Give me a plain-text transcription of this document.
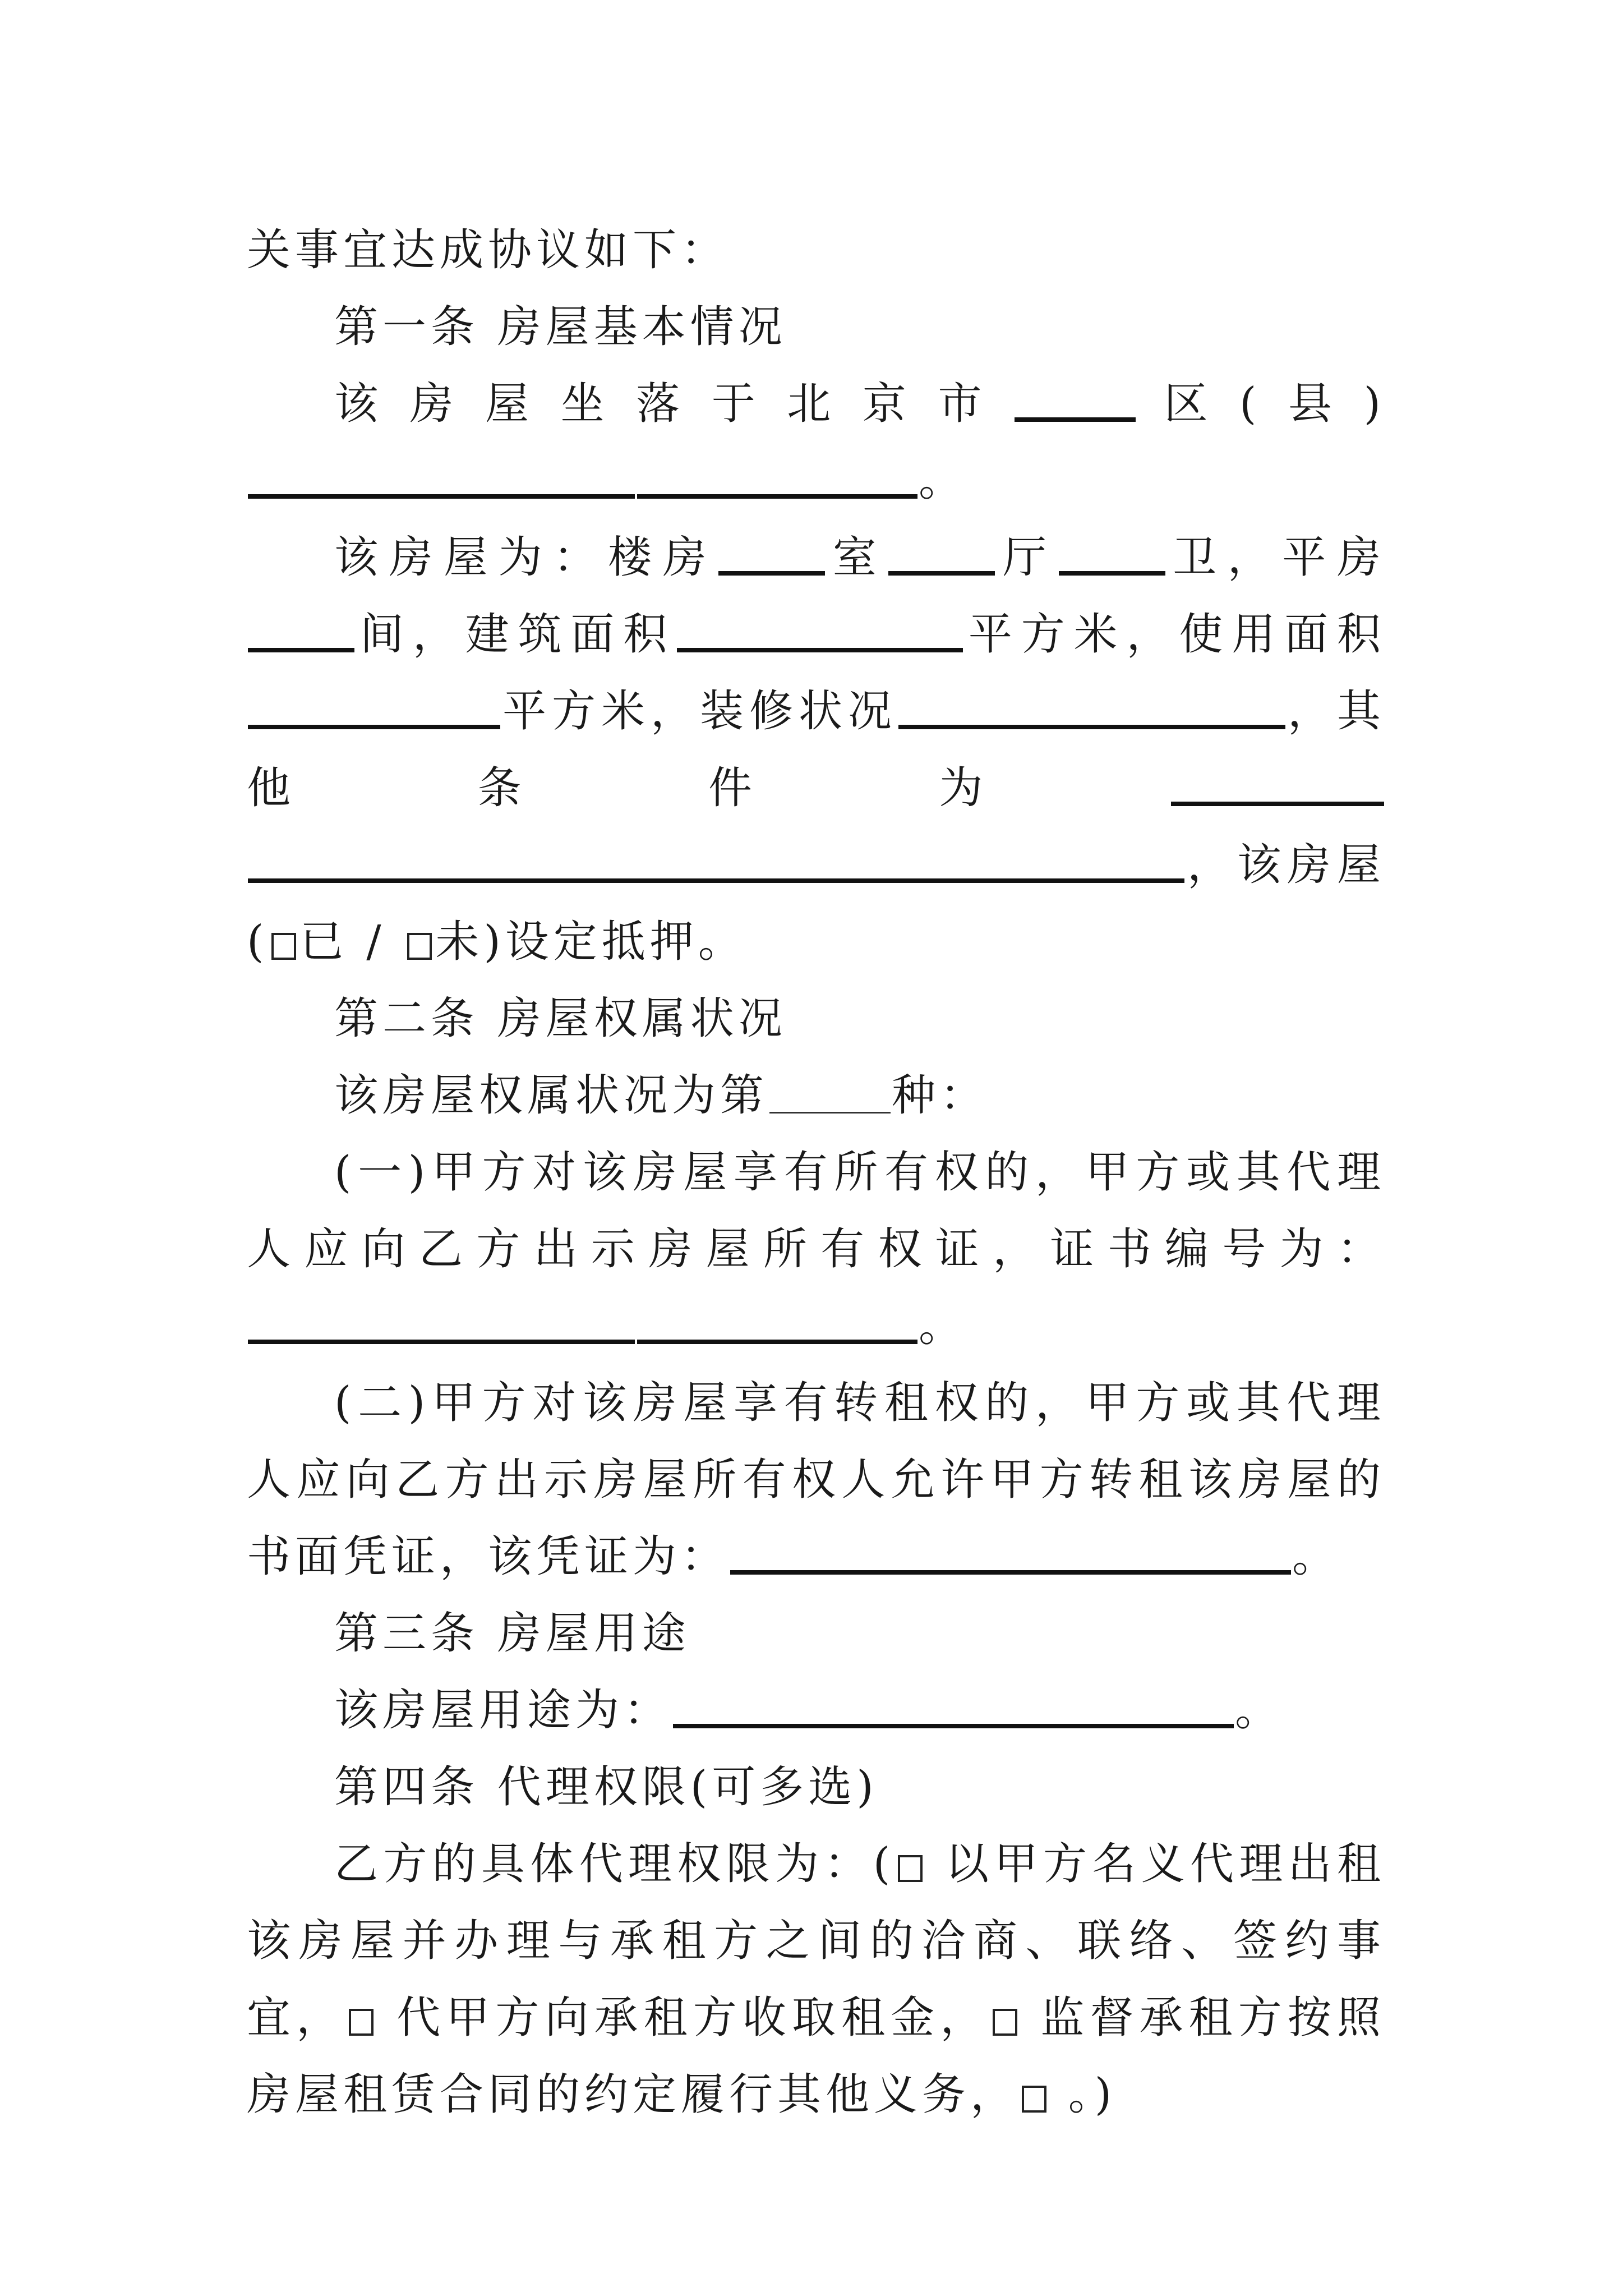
关事宜达成协议如下：

第一条 房屋基本情况

该房屋坐落于北京市	区(县)。

该房屋为：楼房 室 厅 卫，平房间，建筑面积	平方米，使用面积平方米，装修状况	，其他条件为，该房屋( 已 / 未)设定抵押。

第二条 房屋权属状况

该房屋权属状况为第	种：

(一)甲方对该房屋享有所有权的，甲方或其代理人应向乙方出示房屋所有权证，证书编号为：。

(二)甲方对该房屋享有转租权的，甲方或其代理人应向乙方出示房屋所有权人允许甲方转租该房屋的书面凭证，该凭证为：	。

第三条 房屋用途

该房屋用途为：	。

第四条 代理权限(可多选)

乙方的具体代理权限为：( 以甲方名义代理出租该房屋并办理与承租方之间的洽商、联络、签约事宜， 代甲方向承租方收取租金， 监督承租方按照房屋租赁合同的约定履行其他义务， 。)
